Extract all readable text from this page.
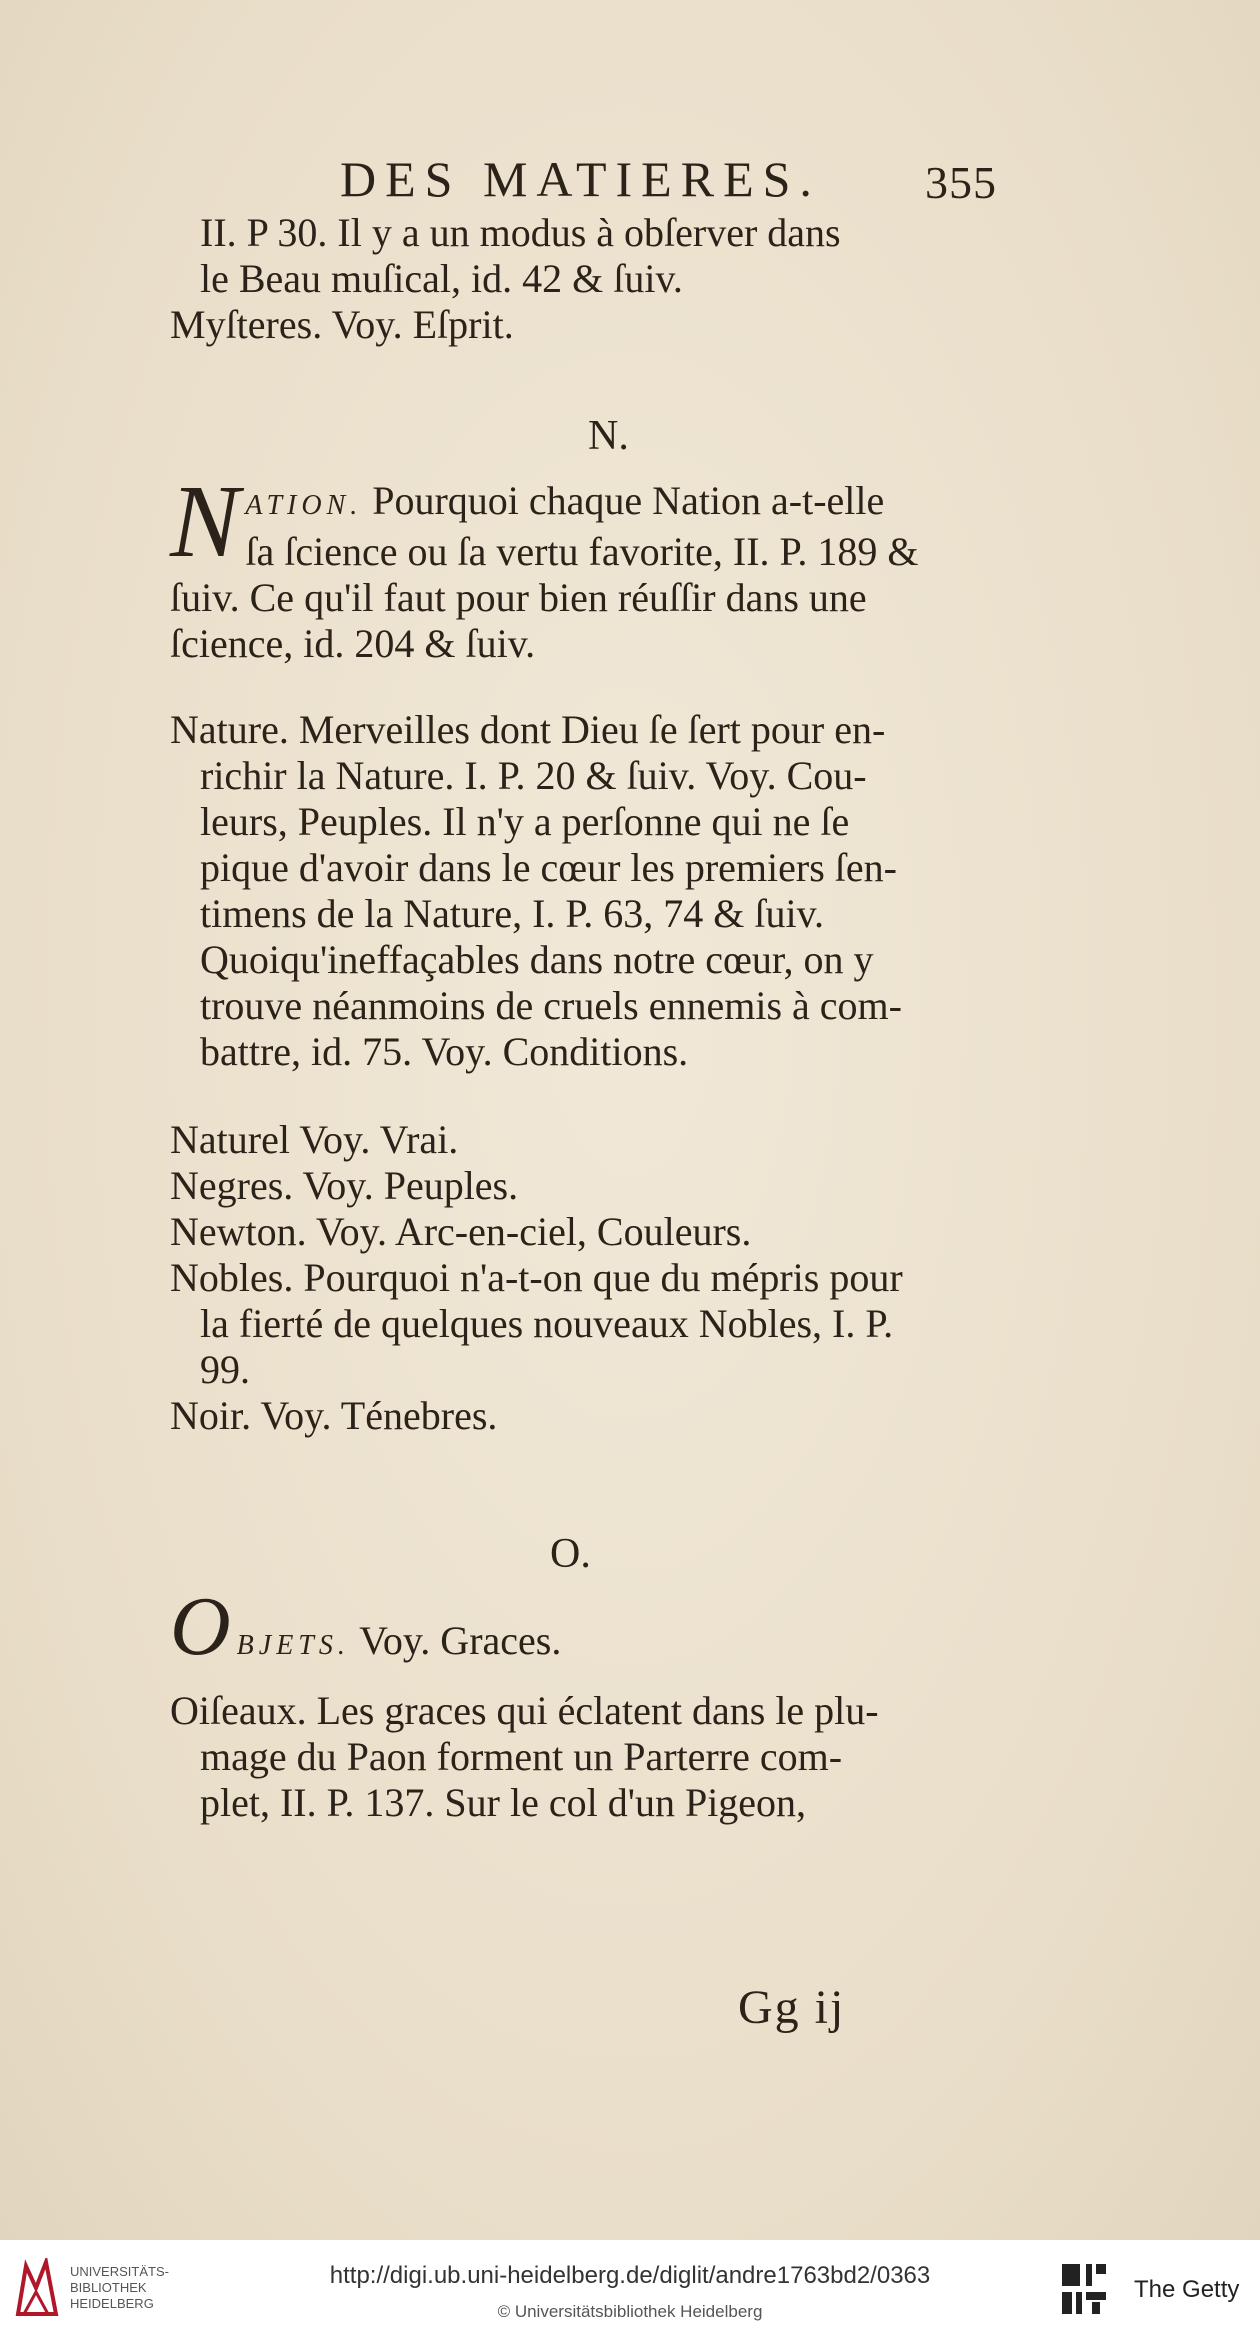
DES MATIERES. 355
II. P 30. Il y a un modus à obſerver dans
le Beau muſical, id. 42 & ſuiv.
Myſteres. Voy. Eſprit.
N.
N ATION. Pourquoi chaque Nation a-t-elle
ſa ſcience ou ſa vertu favorite, II. P. 189 &
ſuiv. Ce qu'il faut pour bien réuſſir dans une
ſcience, id. 204 & ſuiv.
Nature. Merveilles dont Dieu ſe ſert pour en-
richir la Nature. I. P. 20 & ſuiv. Voy. Cou-
leurs, Peuples. Il n'y a perſonne qui ne ſe
pique d'avoir dans le cœur les premiers ſen-
timens de la Nature, I. P. 63, 74 & ſuiv.
Quoiqu'ineffaçables dans notre cœur, on y
trouve néanmoins de cruels ennemis à com-
battre, id. 75. Voy. Conditions.
Naturel Voy. Vrai.
Negres. Voy. Peuples.
Newton. Voy. Arc-en-ciel, Couleurs.
Nobles. Pourquoi n'a-t-on que du mépris pour
la fierté de quelques nouveaux Nobles, I. P.
99.
Noir. Voy. Ténebres.
O.
OBJETS. Voy. Graces.
Oiſeaux. Les graces qui éclatent dans le plu-
mage du Paon forment un Parterre com-
plet, II. P. 137. Sur le col d'un Pigeon,
Gg ij
UNIVERSITÄTS-
BIBLIOTHEK
HEIDELBERG
http://digi.ub.uni-heidelberg.de/diglit/andre1763bd2/0363
© Universitätsbibliothek Heidelberg
The Getty
